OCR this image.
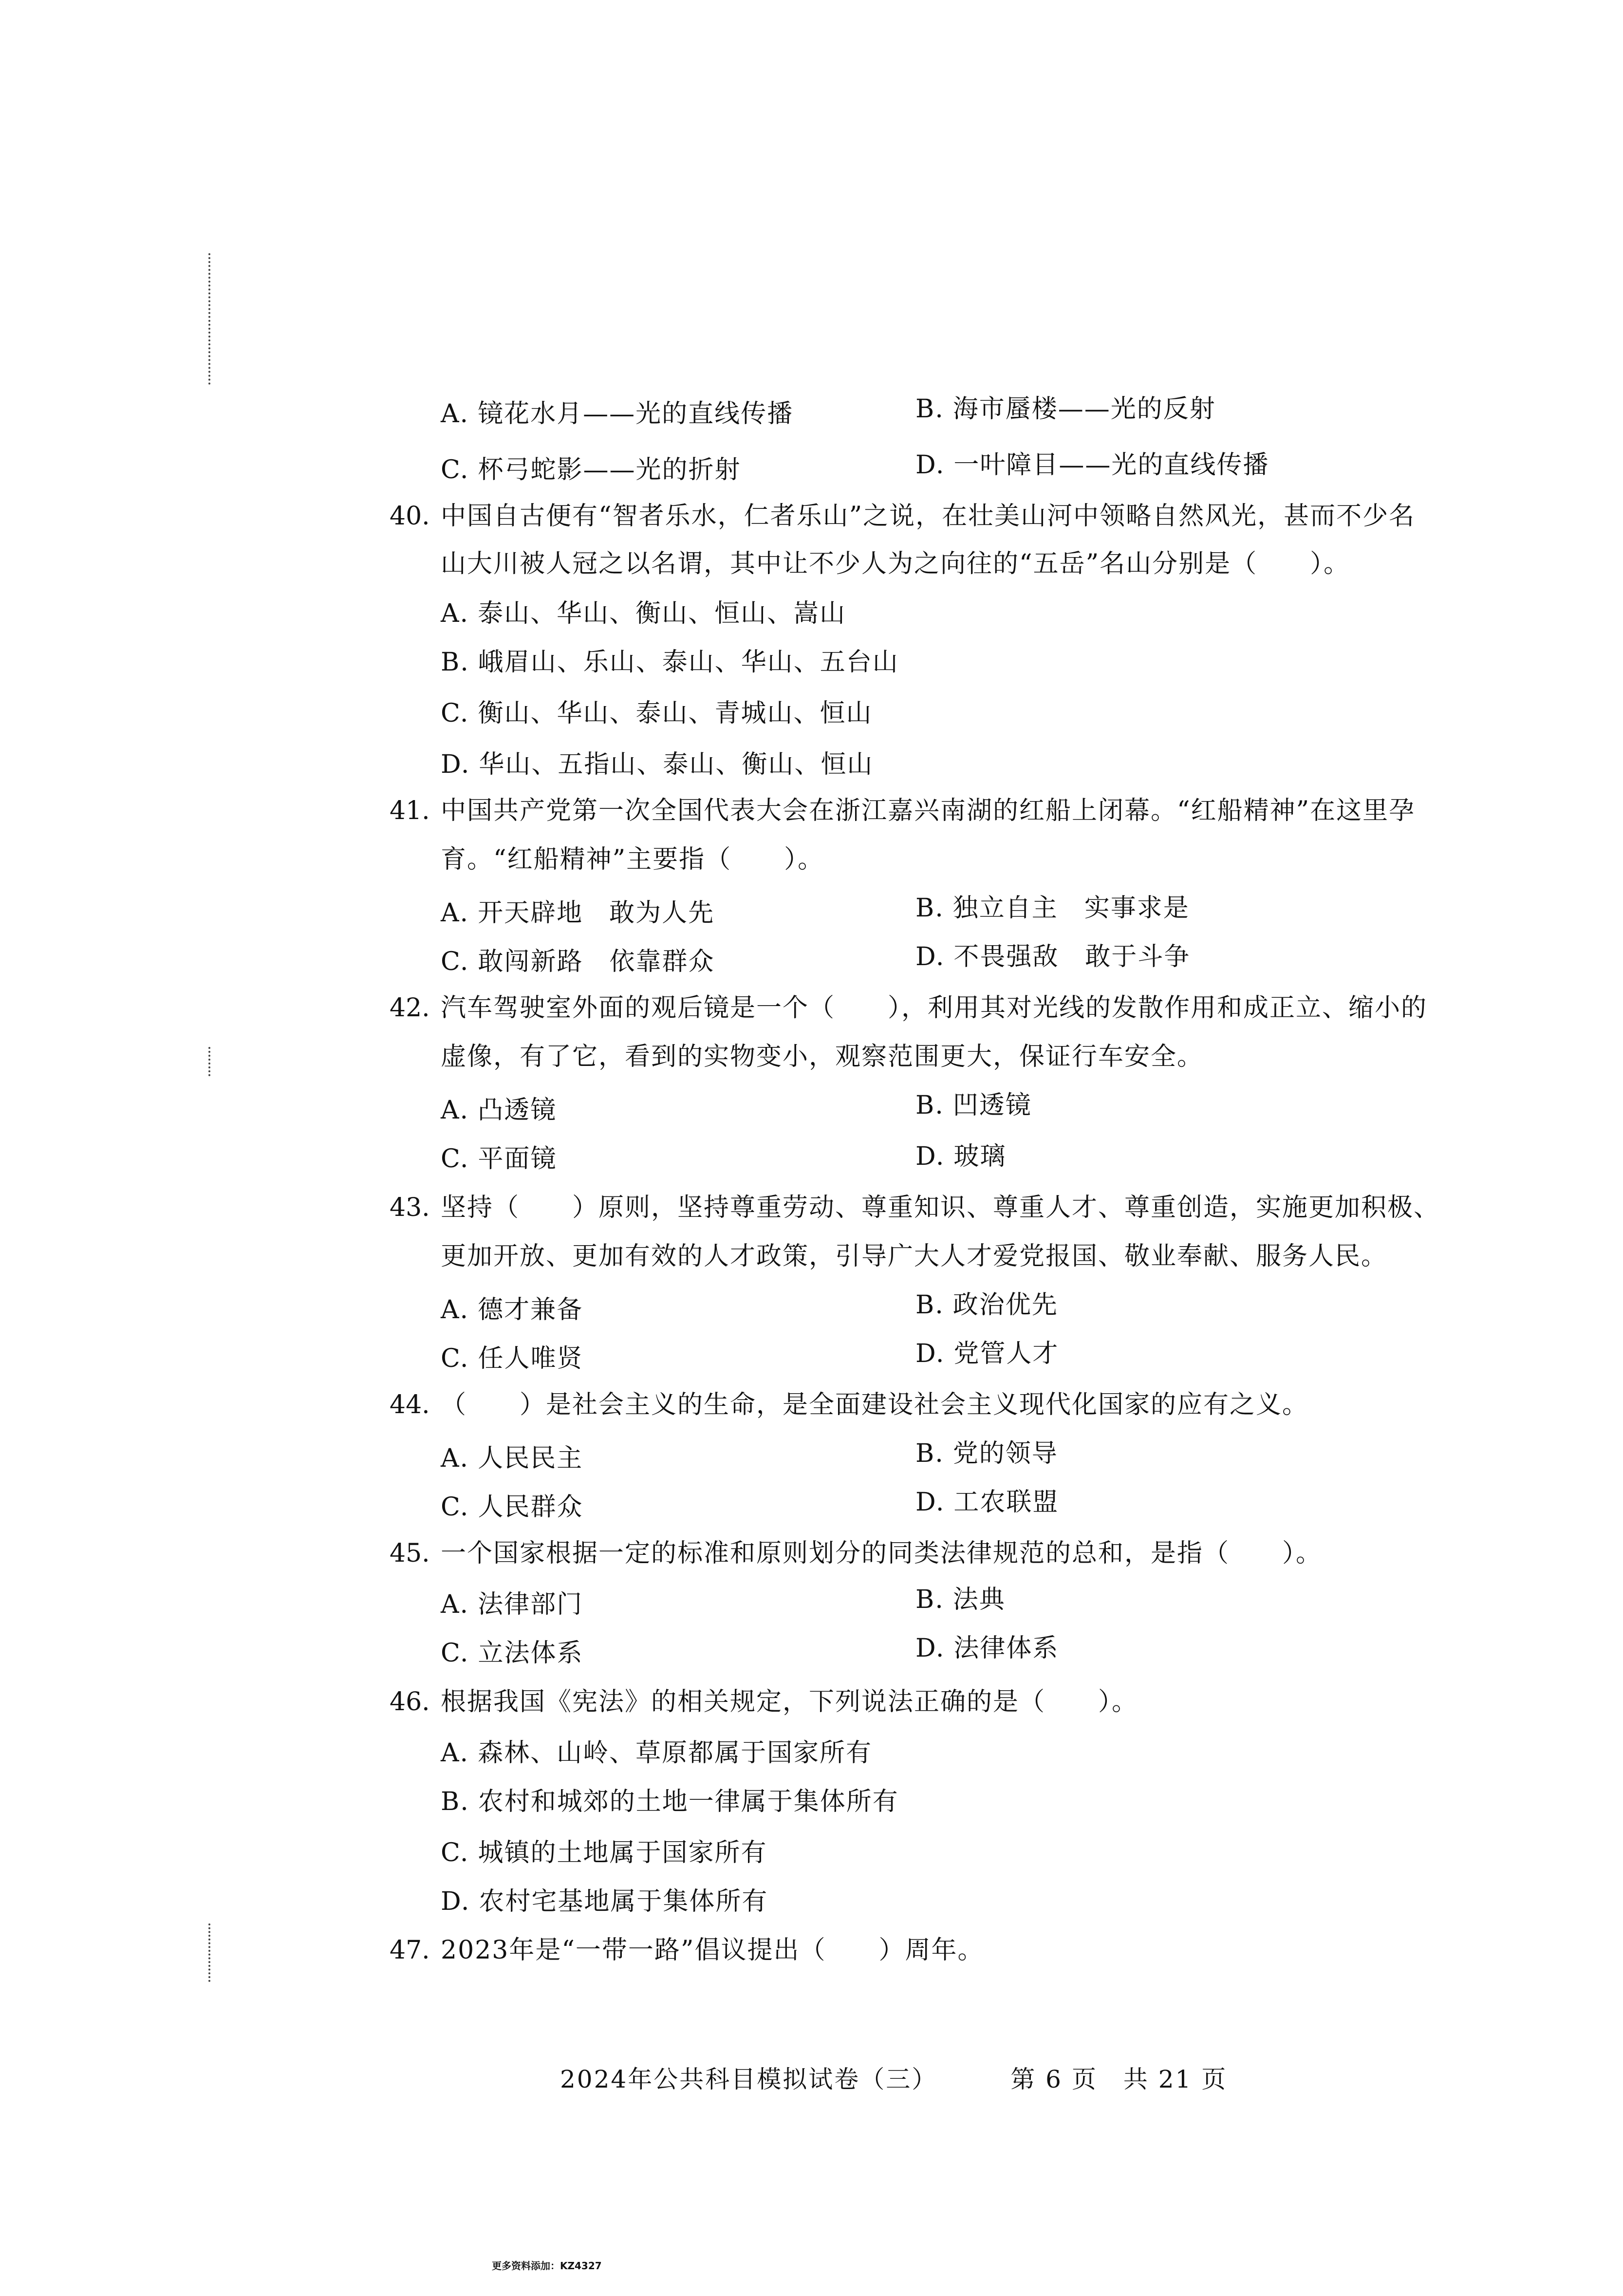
A. 镜花水月——光的直线传播	B. 海市蜃楼——光的反射
C. 杯弓蛇影——光的折射	D. 一叶障目——光的直线传播
40. 中国自古便有“智者乐水，仁者乐山”之说，在壮美山河中领略自然风光，甚而不少名
山大川被人冠之以名谓，其中让不少人为之向往的“五岳”名山分别是（　　）。
A. 泰山、华山、衡山、恒山、嵩山
B. 峨眉山、乐山、泰山、华山、五台山
C. 衡山、华山、泰山、青城山、恒山
D. 华山、五指山、泰山、衡山、恒山
41. 中国共产党第一次全国代表大会在浙江嘉兴南湖的红船上闭幕。“红船精神”在这里孕
育。“红船精神”主要指（　　）。
A. 开天辟地　敢为人先	B. 独立自主　实事求是
C. 敢闯新路　依靠群众	D. 不畏强敌　敢于斗争
42. 汽车驾驶室外面的观后镜是一个（　　），利用其对光线的发散作用和成正立、缩小的
虚像，有了它，看到的实物变小，观察范围更大，保证行车安全。
A. 凸透镜	B. 凹透镜
C. 平面镜	D. 玻璃
43. 坚持（　　）原则，坚持尊重劳动、尊重知识、尊重人才、尊重创造，实施更加积极、
更加开放、更加有效的人才政策，引导广大人才爱党报国、敬业奉献、服务人民。
A. 德才兼备	B. 政治优先
C. 任人唯贤	D. 党管人才
44. （　　）是社会主义的生命，是全面建设社会主义现代化国家的应有之义。
A. 人民民主	B. 党的领导
C. 人民群众	D. 工农联盟
45. 一个国家根据一定的标准和原则划分的同类法律规范的总和，是指（　　）。
A. 法律部门	B. 法典
C. 立法体系	D. 法律体系
46. 根据我国《宪法》的相关规定，下列说法正确的是（　　）。
A. 森林、山岭、草原都属于国家所有
B. 农村和城郊的土地一律属于集体所有
C. 城镇的土地属于国家所有
D. 农村宅基地属于集体所有
47. 2023年是“一带一路”倡议提出（　　）周年。
2024年公共科目模拟试卷（三）	第 6 页　共 21 页
更多资料添加：KZ4327
